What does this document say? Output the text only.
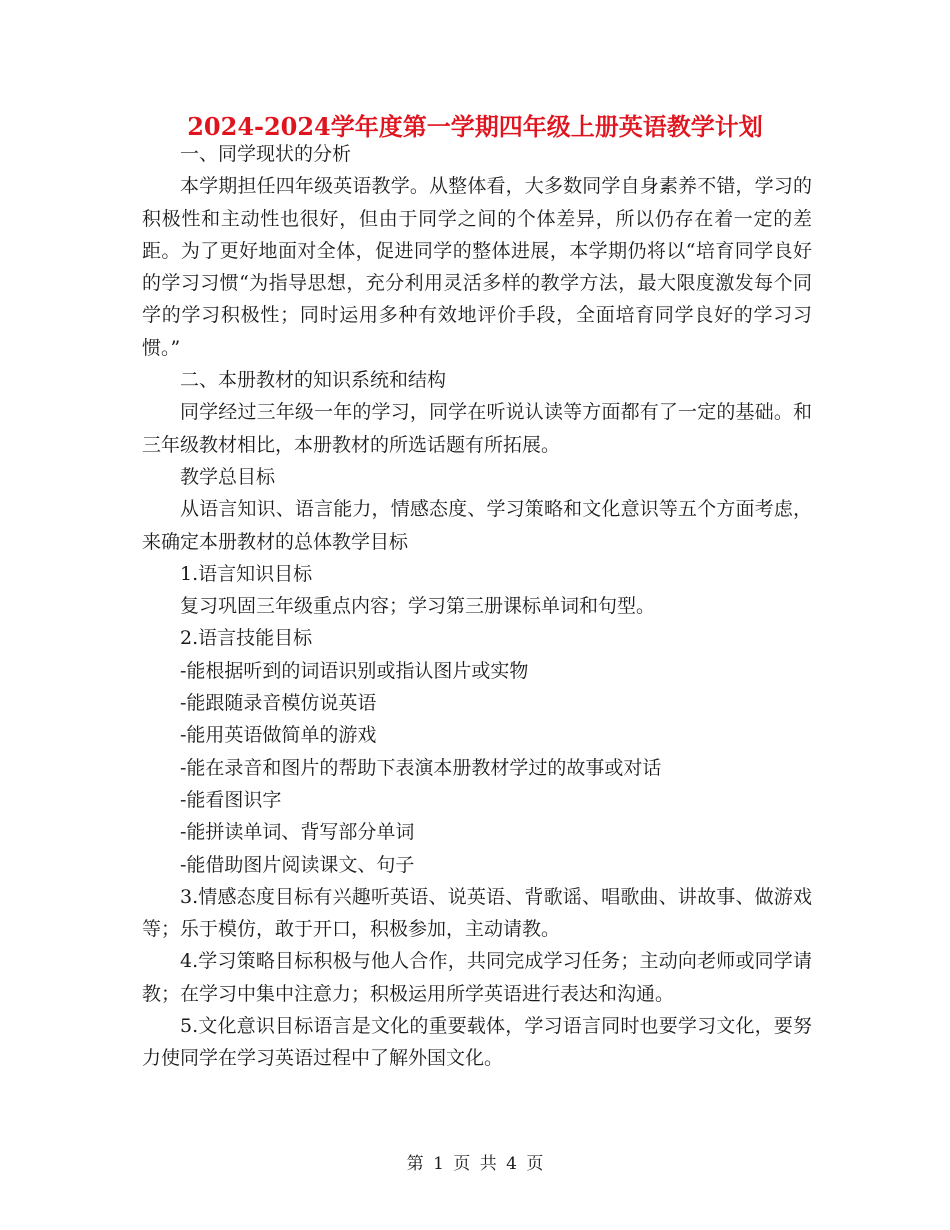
2024-2024学年度第一学期四年级上册英语教学计划

一、同学现状的分析

本学期担任四年级英语教学。从整体看，大多数同学自身素养不错，学习的积极性和主动性也很好，但由于同学之间的个体差异，所以仍存在着一定的差距。为了更好地面对全体，促进同学的整体进展，本学期仍将以“培育同学良好的学习习惯“为指导思想，充分利用灵活多样的教学方法，最大限度激发每个同学的学习积极性；同时运用多种有效地评价手段，全面培育同学良好的学习习惯。”

二、本册教材的知识系统和结构

同学经过三年级一年的学习，同学在听说认读等方面都有了一定的基础。和三年级教材相比，本册教材的所选话题有所拓展。

教学总目标

从语言知识、语言能力，情感态度、学习策略和文化意识等五个方面考虑，来确定本册教材的总体教学目标

1.语言知识目标

复习巩固三年级重点内容；学习第三册课标单词和句型。

2.语言技能目标

-能根据听到的词语识别或指认图片或实物

-能跟随录音模仿说英语

-能用英语做简单的游戏

-能在录音和图片的帮助下表演本册教材学过的故事或对话

-能看图识字

-能拼读单词、背写部分单词

-能借助图片阅读课文、句子

3.情感态度目标有兴趣听英语、说英语、背歌谣、唱歌曲、讲故事、做游戏等；乐于模仿，敢于开口，积极参加，主动请教。

4.学习策略目标积极与他人合作，共同完成学习任务；主动向老师或同学请教；在学习中集中注意力；积极运用所学英语进行表达和沟通。

5.文化意识目标语言是文化的重要载体，学习语言同时也要学习文化，要努力使同学在学习英语过程中了解外国文化。

第 1 页 共 4 页
